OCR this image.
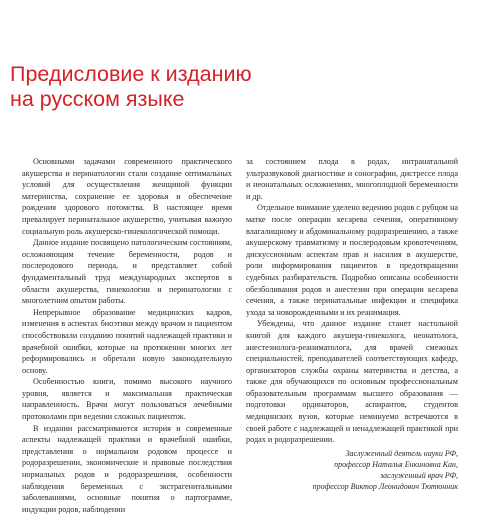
Предисловие к изданию
на русском языке

Основными задачами современного практического акушерства и перинатологии стали создание оптимальных условий для осуществления женщиной функции материнства, сохранение ее здоровья и обеспечение рождения здорового потомства. В настоящее время превалирует перинатальное акушерство, учитывая важную социальную роль акушерско-гинекологической помощи.

Данное издание посвящено патологическим состояниям, осложняющим течение беременности, родов и послеродового периода, и представляет собой фундаментальный труд международных экспертов в области акушерства, гинекологии и перинатологии с многолетним опытом работы.

Непрерывное образование медицинских кадров, изменения в аспектах биоэтики между врачом и пациентом способствовали созданию понятий надлежащей практики и врачебной ошибки, которые на протяжении многих лет реформировались и обретали новую законодательную основу.

Особенностью книги, помимо высокого научного уровня, является и максимальная практическая направленность. Врачи могут пользоваться лечебными протоколами при ведении сложных пациенток.

В издании рассматриваются история и современные аспекты надлежащей практики и врачебной ошибки, представления о нормальном родовом процессе и родоразрешении, экономические и правовые последствия нормальных родов и родоразрешения, особенности наблюдения беременных с экстрагенитальными заболеваниями, основные понятия о партограмме, индукции родов, наблюдении

за состоянием плода в родах, интранатальной ультразвуковой диагностике и сонографии, дистрессе плода и неонатальных осложнениях, многоплодной беременности и др.

Отдельное внимание уделено ведению родов с рубцом на матке после операции кесарева сечения, оперативному влагалищному и абдоминальному родоразрешению, а также акушерскому травматизму и послеродовым кровотечениям, дискуссионным аспектам прав и насилия в акушерстве, роли информирования пациентов в предотвращении судебных разбирательств. Подробно описаны особенности обезболивания родов и анестезии при операции кесарева сечения, а также перинатальные инфекции и специфика ухода за новорожденными и их реанимация.

Убеждены, что данное издание станет настольной книгой для каждого акушера-гинеколога, неонатолога, анестезиолога-реаниматолога, для врачей смежных специальностей, преподавателей соответствующих кафедр, организаторов службы охраны материнства и детства, а также для обучающихся по основным профессиональным образовательным программам высшего образования — подготовки ординаторов, аспирантов, студентов медицинских вузов, которые неминуемо встречаются в своей работе с надлежащей и ненадлежащей практикой при родах и родоразрешении.

Заслуженный деятель науки РФ,
профессор Наталья Енкиновна Кан,
заслуженный врач РФ,
профессор Виктор Леонидович Тютюнник
